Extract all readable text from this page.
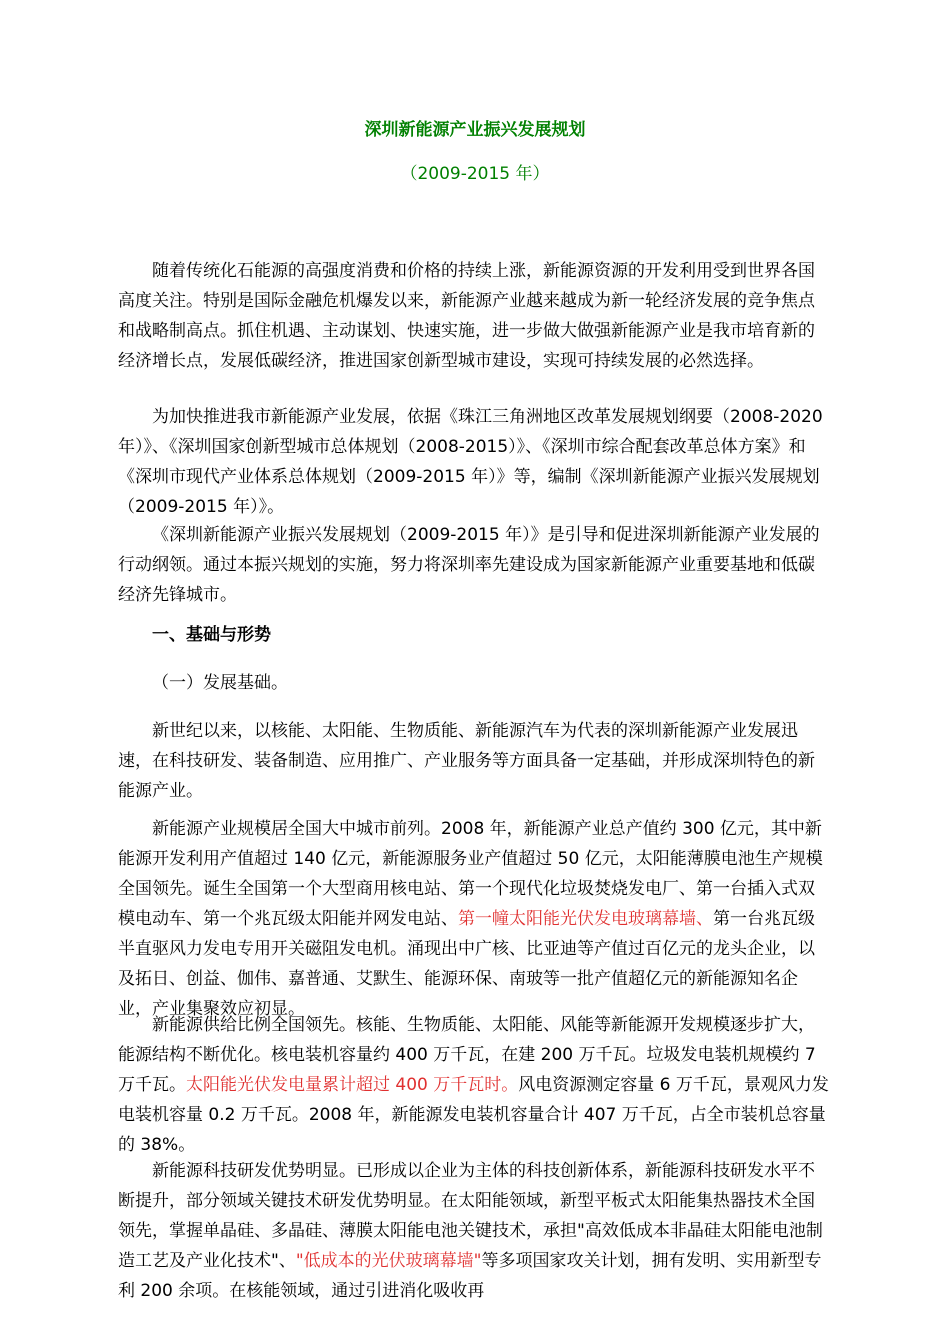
深圳新能源产业振兴发展规划
（2009-2015 年）

随着传统化石能源的高强度消费和价格的持续上涨，新能源资源的开发利用受到世界各国高度关注。特别是国际金融危机爆发以来，新能源产业越来越成为新一轮经济发展的竞争焦点和战略制高点。抓住机遇、主动谋划、快速实施，进一步做大做强新能源产业是我市培育新的经济增长点，发展低碳经济，推进国家创新型城市建设，实现可持续发展的必然选择。

为加快推进我市新能源产业发展，依据《珠江三角洲地区改革发展规划纲要（2008-2020 年）》、《深圳国家创新型城市总体规划（2008-2015）》、《深圳市综合配套改革总体方案》和《深圳市现代产业体系总体规划（2009-2015 年）》等，编制《深圳新能源产业振兴发展规划（2009-2015 年）》。

《深圳新能源产业振兴发展规划（2009-2015 年）》是引导和促进深圳新能源产业发展的行动纲领。通过本振兴规划的实施，努力将深圳率先建设成为国家新能源产业重要基地和低碳经济先锋城市。

一、基础与形势

（一）发展基础。

新世纪以来，以核能、太阳能、生物质能、新能源汽车为代表的深圳新能源产业发展迅速，在科技研发、装备制造、应用推广、产业服务等方面具备一定基础，并形成深圳特色的新能源产业。

新能源产业规模居全国大中城市前列。2008 年，新能源产业总产值约 300 亿元，其中新能源开发利用产值超过 140 亿元，新能源服务业产值超过 50 亿元，太阳能薄膜电池生产规模全国领先。诞生全国第一个大型商用核电站、第一个现代化垃圾焚烧发电厂、第一台插入式双模电动车、第一个兆瓦级太阳能并网发电站、第一幢太阳能光伏发电玻璃幕墙、第一台兆瓦级半直驱风力发电专用开关磁阻发电机。涌现出中广核、比亚迪等产值过百亿元的龙头企业，以及拓日、创益、伽伟、嘉普通、艾默生、能源环保、南玻等一批产值超亿元的新能源知名企业，产业集聚效应初显。

新能源供给比例全国领先。核能、生物质能、太阳能、风能等新能源开发规模逐步扩大，能源结构不断优化。核电装机容量约 400 万千瓦，在建 200 万千瓦。垃圾发电装机规模约 7 万千瓦。太阳能光伏发电量累计超过 400 万千瓦时。风电资源测定容量 6 万千瓦，景观风力发电装机容量 0.2 万千瓦。2008 年，新能源发电装机容量合计 407 万千瓦，占全市装机总容量的 38%。

新能源科技研发优势明显。已形成以企业为主体的科技创新体系，新能源科技研发水平不断提升，部分领域关键技术研发优势明显。在太阳能领域，新型平板式太阳能集热器技术全国领先，掌握单晶硅、多晶硅、薄膜太阳能电池关键技术，承担"高效低成本非晶硅太阳能电池制造工艺及产业化技术"、"低成本的光伏玻璃幕墙"等多项国家攻关计划，拥有发明、实用新型专利 200 余项。在核能领域，通过引进消化吸收再
